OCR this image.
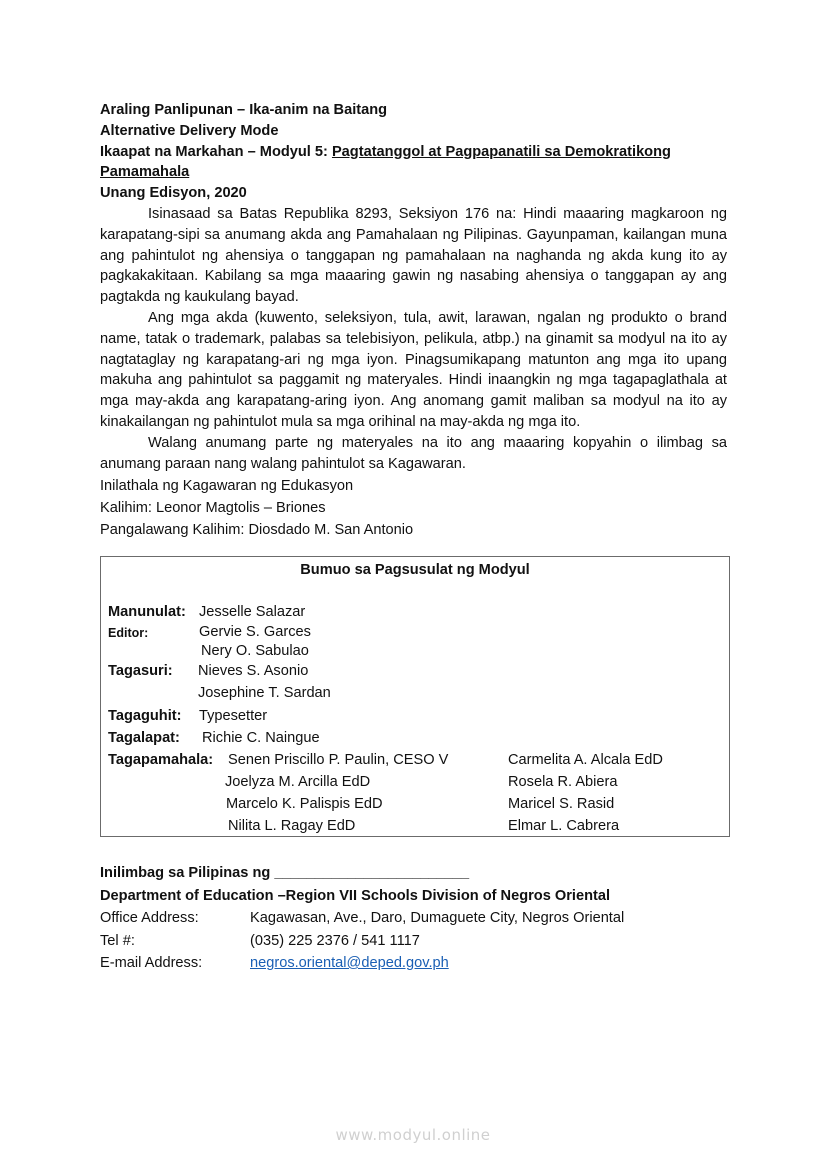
Araling Panlipunan – Ika-anim na Baitang
Alternative Delivery Mode
Ikaapat na Markahan – Modyul 5: Pagtatanggol at Pagpapanatili sa Demokratikong
Pamamahala
Unang Edisyon, 2020

Isinasaad sa Batas Republika 8293, Seksiyon 176 na: Hindi maaaring magkaroon ng karapatang-sipi sa anumang akda ang Pamahalaan ng Pilipinas. Gayunpaman, kailangan muna ang pahintulot ng ahensiya o tanggapan ng pamahalaan na naghanda ng akda kung ito ay pagkakakitaan. Kabilang sa mga maaaring gawin ng nasabing ahensiya o tanggapan ay ang pagtakda ng kaukulang bayad.

Ang mga akda (kuwento, seleksiyon, tula, awit, larawan, ngalan ng produkto o brand name, tatak o trademark, palabas sa telebisiyon, pelikula, atbp.) na ginamit sa modyul na ito ay nagtataglay ng karapatang-ari ng mga iyon. Pinagsumikapang matunton ang mga ito upang makuha ang pahintulot sa paggamit ng materyales. Hindi inaangkin ng mga tagapaglathala at mga may-akda ang karapatang-aring iyon. Ang anomang gamit maliban sa modyul na ito ay kinakailangan ng pahintulot mula sa mga orihinal na may-akda ng mga ito.

Walang anumang parte ng materyales na ito ang maaaring kopyahin o ilimbag sa anumang paraan nang walang pahintulot sa Kagawaran.

Inilathala ng Kagawaran ng Edukasyon
Kalihim: Leonor Magtolis – Briones
Pangalawang Kalihim: Diosdado M. San Antonio
Bumuo sa Pagsusulat ng Modyul
Manunulat: Jesselle Salazar
Editor:	Gervie S. Garces
Nery O. Sabulao
Tagasuri: Nieves S. Asonio
Josephine T. Sardan
Tagaguhit: Typesetter
Tagalapat: Richie C. Naingue
Tagapamahala: Senen Priscillo P. Paulin, CESO V	Carmelita A. Alcala EdD
Joelyza M. Arcilla EdD	Rosela R. Abiera
Marcelo K. Palispis EdD	Maricel S. Rasid
Nilita L. Ragay EdD	Elmar L. Cabrera
Inilimbag sa Pilipinas ng ________________________
Department of Education –Region VII Schools Division of Negros Oriental
Office Address:	Kagawasan, Ave., Daro, Dumaguete City, Negros Oriental
Tel #:	(035) 225 2376 / 541 1117
E-mail Address:	negros.oriental@deped.gov.ph
www.modyul.online
